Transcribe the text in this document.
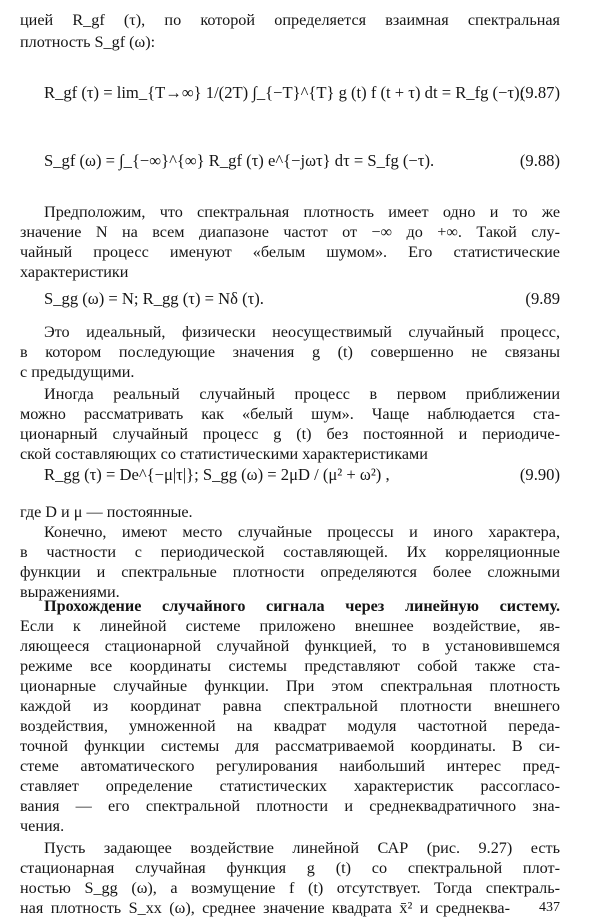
цией R_gf (τ), по которой определяется взаимная спектральная
плотность S_gf (ω):
R_gf (τ) = lim_{T→∞} 1/(2T) ∫_{−T}^{T} g (t) f (t + τ) dt = R_fg (−τ);
(9.87)
S_gf (ω) = ∫_{−∞}^{∞} R_gf (τ) e^{−jωτ} dτ = S_fg (−τ).	(9.88)
Предположим, что спектральная плотность имеет одно и то же
значение N на всем диапазоне частот от −∞ до +∞. Такой слу-
чайный процесс именуют «белым шумом». Его статистические
характеристики
S_gg (ω) = N; R_gg (τ) = Nδ (τ).	(9.89
Это идеальный, физически неосуществимый случайный процесс,
в котором последующие значения g (t) совершенно не связаны
с предыдущими.
Иногда реальный случайный процесс в первом приближении
можно рассматривать как «белый шум». Чаще наблюдается ста-
ционарный случайный процесс g (t) без постоянной и периодиче-
ской составляющих со статистическими характеристиками
R_gg (τ) = De^{−μ|τ|}; S_gg (ω) = 2μD / (μ² + ω²) ,	(9.90)
где D и μ — постоянные.
Конечно, имеют место случайные процессы и иного характера,
в частности с периодической составляющей. Их корреляционные
функции и спектральные плотности определяются более сложными
выражениями.
Прохождение случайного сигнала через линейную систему.
Если к линейной системе приложено внешнее воздействие, яв-
ляющееся стационарной случайной функцией, то в установившемся
режиме все координаты системы представляют собой также ста-
ционарные случайные функции. При этом спектральная плотность
каждой из координат равна спектральной плотности внешнего
воздействия, умноженной на квадрат модуля частотной переда-
точной функции системы для рассматриваемой координаты. В си-
стеме автоматического регулирования наибольший интерес пред-
ставляет определение статистических характеристик рассогласо-
вания — его спектральной плотности и среднеквадратичного зна-
чения.
Пусть задающее воздействие линейной САР (рис. 9.27) есть
стационарная случайная функция g (t) со спектральной плот-
ностью S_gg (ω), а возмущение f (t) отсутствует. Тогда спектраль-
ная плотность S_xx (ω), среднее значение квадрата x̄² и среднеква- 437
